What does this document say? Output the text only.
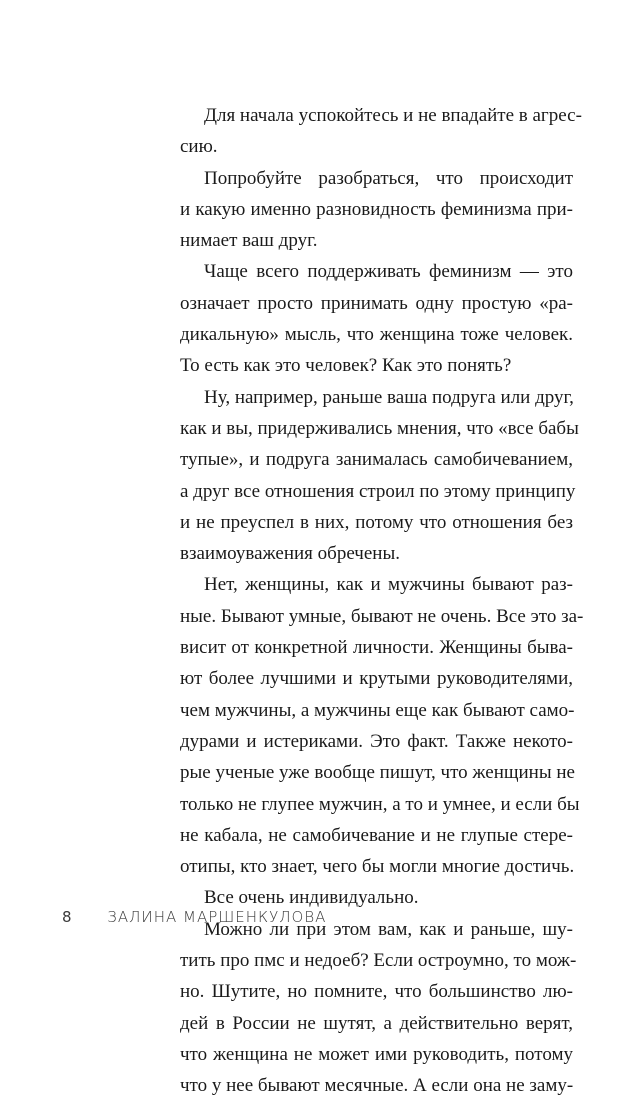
Для начала успокойтесь и не впадайте в агрес-
сию.
Попробуйте разобраться, что происходит
и какую именно разновидность феминизма при-
нимает ваш друг.
Чаще всего поддерживать феминизм — это
означает просто принимать одну простую «ра-
дикальную» мысль, что женщина тоже человек.
То есть как это человек? Как это понять?
Ну, например, раньше ваша подруга или друг,
как и вы, придерживались мнения, что «все бабы
тупые», и подруга занималась самобичеванием,
а друг все отношения строил по этому принципу
и не преуспел в них, потому что отношения без
взаимоуважения обречены.
Нет, женщины, как и мужчины бывают раз-
ные. Бывают умные, бывают не очень. Все это за-
висит от конкретной личности. Женщины быва-
ют более лучшими и крутыми руководителями,
чем мужчины, а мужчины еще как бывают само-
дурами и истериками. Это факт. Также некото-
рые ученые уже вообще пишут, что женщины не
только не глупее мужчин, а то и умнее, и если бы
не кабала, не самобичевание и не глупые стере-
отипы, кто знает, чего бы могли многие достичь.
Все очень индивидуально.
Можно ли при этом вам, как и раньше, шу-
тить про пмс и недоеб? Если остроумно, то мож-
но. Шутите, но помните, что большинство лю-
дей в России не шутят, а действительно верят,
что женщина не может ими руководить, потому
что у нее бывают месячные. А если она не заму-
8 ЗАЛИНА МАРШЕНКУЛОВА
